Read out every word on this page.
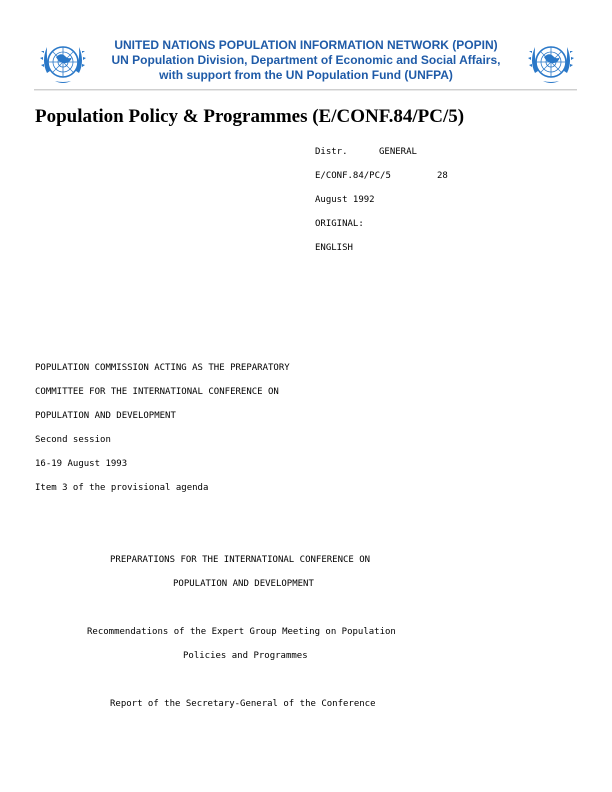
UNITED NATIONS POPULATION INFORMATION NETWORK (POPIN)
UN Population Division, Department of Economic and Social Affairs,
with support from the UN Population Fund (UNFPA)
Population Policy & Programmes (E/CONF.84/PC/5)
Distr.	GENERAL
E/CONF.84/PC/5	28
August 1992
ORIGINAL:
ENGLISH
POPULATION COMMISSION ACTING AS THE PREPARATORY
COMMITTEE FOR THE INTERNATIONAL CONFERENCE ON
POPULATION AND DEVELOPMENT
Second session
16-19 August 1993
Item 3 of the provisional agenda
PREPARATIONS FOR THE INTERNATIONAL CONFERENCE ON
POPULATION AND DEVELOPMENT
Recommendations of the Expert Group Meeting on Population
Policies and Programmes
Report of the Secretary-General of the Conference
